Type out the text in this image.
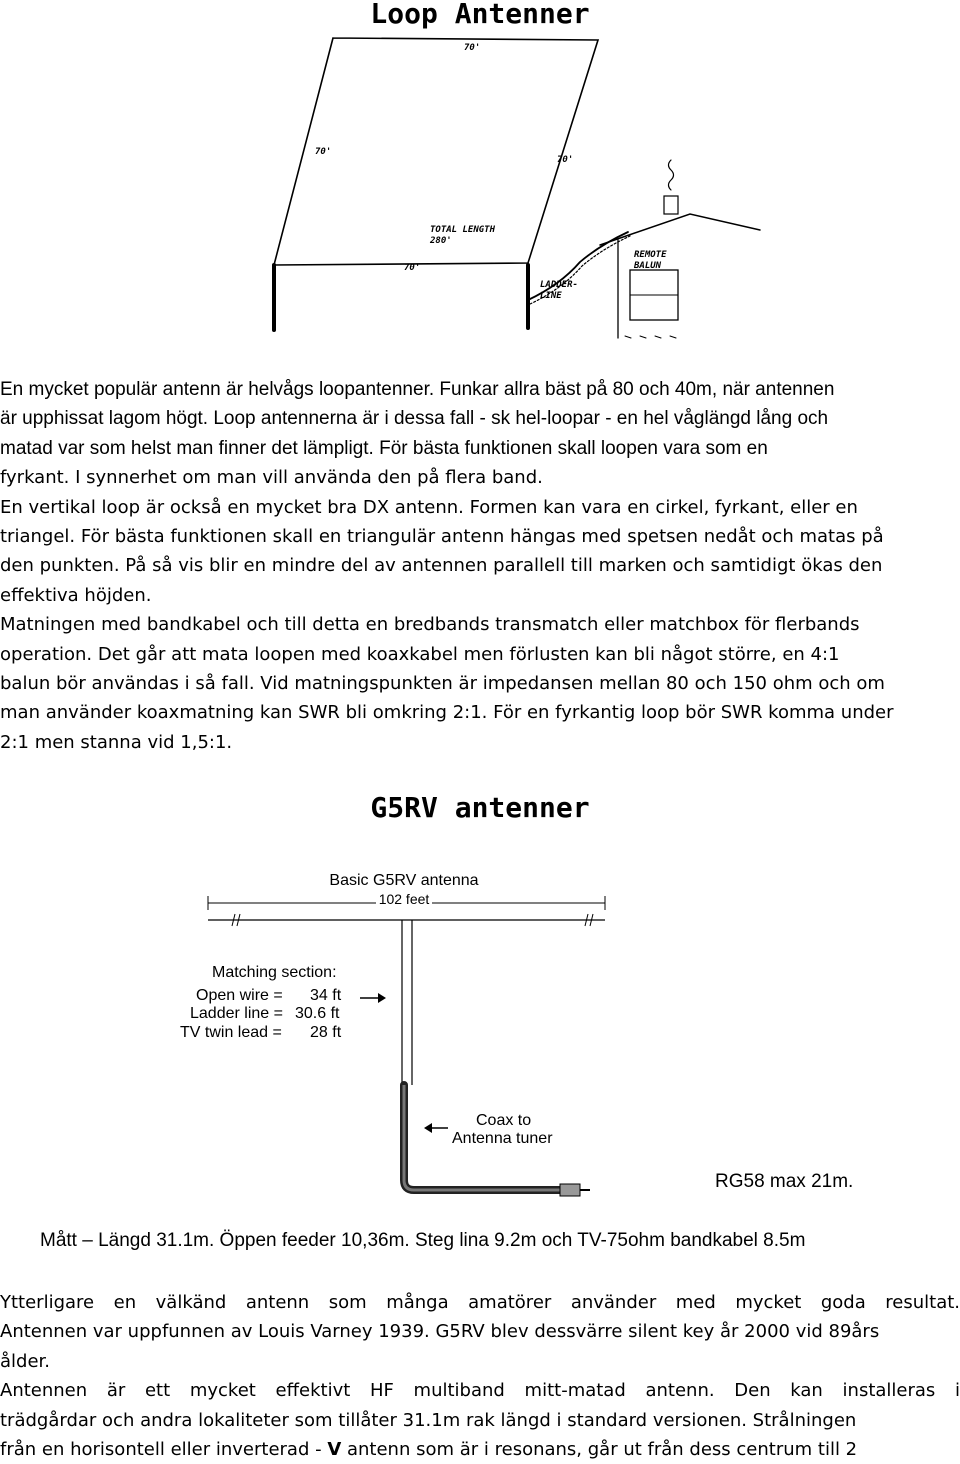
Loop Antenner
70'
70'
70'
70'
TOTAL LENGTH 280'
LADDER- LINE
REMOTE BALUN
En mycket populär antenn är helvågs loopantenner. Funkar allra bäst på 80 och 40m, när antennen
är upphissat lagom högt. Loop antennerna är i dessa fall - sk hel-loopar - en hel våglängd lång och
matad var som helst man finner det lämpligt. För bästa funktionen skall loopen vara som en
fyrkant. I synnerhet om man vill använda den på flera band.
En vertikal loop är också en mycket bra DX antenn. Formen kan vara en cirkel, fyrkant, eller en
triangel. För bästa funktionen skall en triangulär antenn hängas med spetsen nedåt och matas på
den punkten. På så vis blir en mindre del av antennen parallell till marken och samtidigt ökas den
effektiva höjden.
Matningen med bandkabel och till detta en bredbands transmatch eller matchbox för flerbands
operation. Det går att mata loopen med koaxkabel men förlusten kan bli något större, en 4:1
balun bör användas i så fall. Vid matningspunkten är impedansen mellan 80 och 150 ohm och om
man använder koaxmatning kan SWR bli omkring 2:1. För en fyrkantig loop bör SWR komma under
2:1 men stanna vid 1,5:1.
G5RV antenner
Basic G5RV antenna
102 feet
Matching section:
Open wire = 34 ft
Ladder line = 30.6 ft
TV twin lead = 28 ft
Coax to
Antenna tuner
RG58 max 21m.
Mått – Längd 31.1m. Öppen feeder 10,36m. Steg lina 9.2m och TV-75ohm bandkabel 8.5m
Ytterligare en välkänd antenn som många amatörer använder med mycket goda resultat.
Antennen var uppfunnen av Louis Varney 1939. G5RV blev dessvärre silent key år 2000 vid 89års
ålder.
Antennen är ett mycket effektivt HF multiband mitt-matad antenn. Den kan installeras i
trädgårdar och andra lokaliteter som tillåter 31.1m rak längd i standard versionen. Strålningen
från en horisontell eller inverterad - V antenn som är i resonans, går ut från dess centrum till 2
